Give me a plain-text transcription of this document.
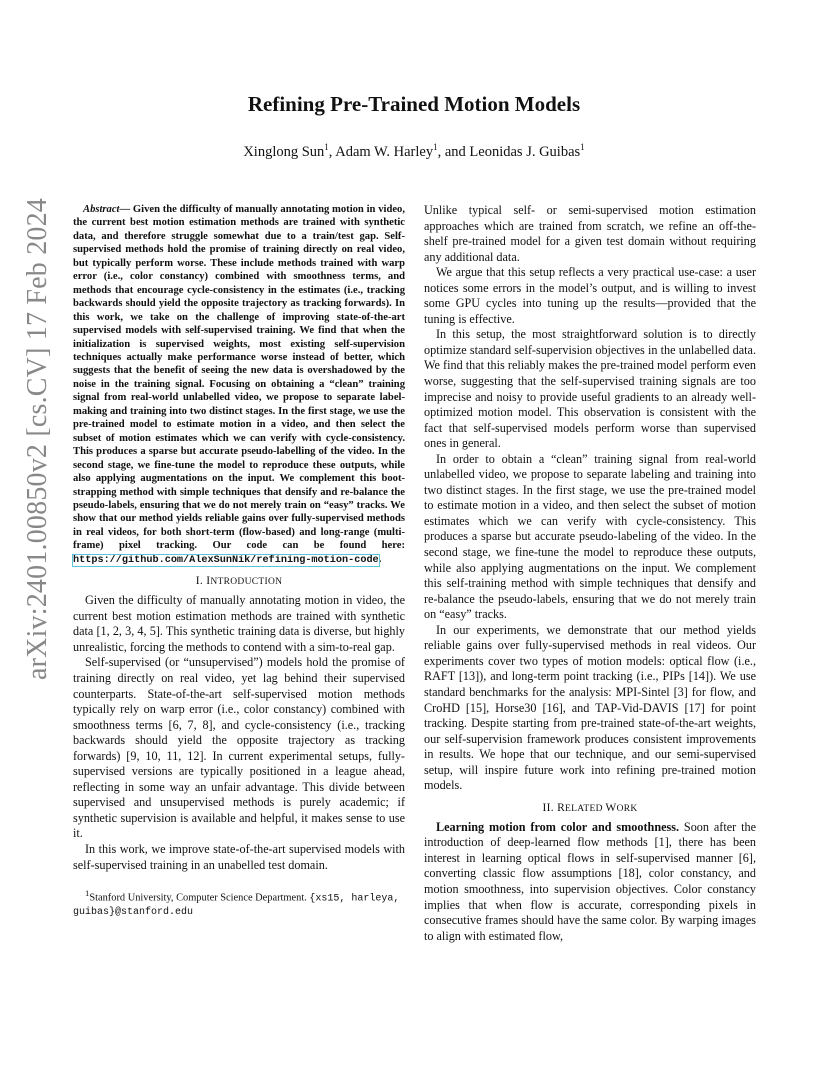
arXiv:2401.00850v2 [cs.CV] 17 Feb 2024
Refining Pre-Trained Motion Models
Xinglong Sun$^1$, Adam W. Harley$^1$, and Leonidas J. Guibas$^1$

Abstract— Given the difficulty of manually annotating motion in video, the current best motion estimation methods are trained with synthetic data, and therefore struggle somewhat due to a train/test gap. Self-supervised methods hold the promise of training directly on real video, but typically perform worse. These include methods trained with warp error (i.e., color constancy) combined with smoothness terms, and methods that encourage cycle-consistency in the estimates (i.e., tracking backwards should yield the opposite trajectory as tracking forwards). In this work, we take on the challenge of improving state-of-the-art supervised models with self-supervised training. We find that when the initialization is supervised weights, most existing self-supervision techniques actually make performance worse instead of better, which suggests that the benefit of seeing the new data is overshadowed by the noise in the training signal. Focusing on obtaining a “clean” training signal from real-world unlabelled video, we propose to separate label-making and training into two distinct stages. In the first stage, we use the pre-trained model to estimate motion in a video, and then select the subset of motion estimates which we can verify with cycle-consistency. This produces a sparse but accurate pseudo-labelling of the video. In the second stage, we fine-tune the model to reproduce these outputs, while also applying augmentations on the input. We complement this boot-strapping method with simple techniques that densify and re-balance the pseudo-labels, ensuring that we do not merely train on “easy” tracks. We show that our method yields reliable gains over fully-supervised methods in real videos, for both short-term (flow-based) and long-range (multi-frame) pixel tracking. Our code can be found here: https://github.com/AlexSunNik/refining-motion-code.

I. INTRODUCTION

Given the difficulty of manually annotating motion in video, the current best motion estimation methods are trained with synthetic data [1, 2, 3, 4, 5]. This synthetic training data is diverse, but highly unrealistic, forcing the methods to contend with a sim-to-real gap.

Self-supervised (or “unsupervised”) models hold the promise of training directly on real video, yet lag behind their supervised counterparts. State-of-the-art self-supervised motion methods typically rely on warp error (i.e., color constancy) combined with smoothness terms [6, 7, 8], and cycle-consistency (i.e., tracking backwards should yield the opposite trajectory as tracking forwards) [9, 10, 11, 12]. In current experimental setups, fully-supervised versions are typically positioned in a league ahead, reflecting in some way an unfair advantage. This divide between supervised and unsupervised methods is purely academic; if synthetic supervision is available and helpful, it makes sense to use it.

In this work, we improve state-of-the-art supervised models with self-supervised training in an unabelled test domain.

$^1$Stanford University, Computer Science Department. {xs15, harleya, guibas}@stanford.edu

Unlike typical self- or semi-supervised motion estimation approaches which are trained from scratch, we refine an off-the-shelf pre-trained model for a given test domain without requiring any additional data.

We argue that this setup reflects a very practical use-case: a user notices some errors in the model’s output, and is willing to invest some GPU cycles into tuning up the results—provided that the tuning is effective.

In this setup, the most straightforward solution is to directly optimize standard self-supervision objectives in the unlabelled data. We find that this reliably makes the pre-trained model perform even worse, suggesting that the self-supervised training signals are too imprecise and noisy to provide useful gradients to an already well-optimized motion model. This observation is consistent with the fact that self-supervised models perform worse than supervised ones in general.

In order to obtain a “clean” training signal from real-world unlabelled video, we propose to separate labeling and training into two distinct stages. In the first stage, we use the pre-trained model to estimate motion in a video, and then select the subset of motion estimates which we can verify with cycle-consistency. This produces a sparse but accurate pseudo-labeling of the video. In the second stage, we fine-tune the model to reproduce these outputs, while also applying augmentations on the input. We complement this self-training method with simple techniques that densify and re-balance the pseudo-labels, ensuring that we do not merely train on “easy” tracks.

In our experiments, we demonstrate that our method yields reliable gains over fully-supervised methods in real videos. Our experiments cover two types of motion models: optical flow (i.e., RAFT [13]), and long-term point tracking (i.e., PIPs [14]). We use standard benchmarks for the analysis: MPI-Sintel [3] for flow, and CroHD [15], Horse30 [16], and TAP-Vid-DAVIS [17] for point tracking. Despite starting from pre-trained state-of-the-art weights, our self-supervision framework produces consistent improvements in results. We hope that our technique, and our semi-supervised setup, will inspire future work into refining pre-trained motion models.

II. RELATED WORK

Learning motion from color and smoothness. Soon after the introduction of deep-learned flow methods [1], there has been interest in learning optical flows in self-supervised manner [6], converting classic flow assumptions [18], color constancy, and motion smoothness, into supervision objectives. Color constancy implies that when flow is accurate, corresponding pixels in consecutive frames should have the same color. By warping images to align with estimated flow,
